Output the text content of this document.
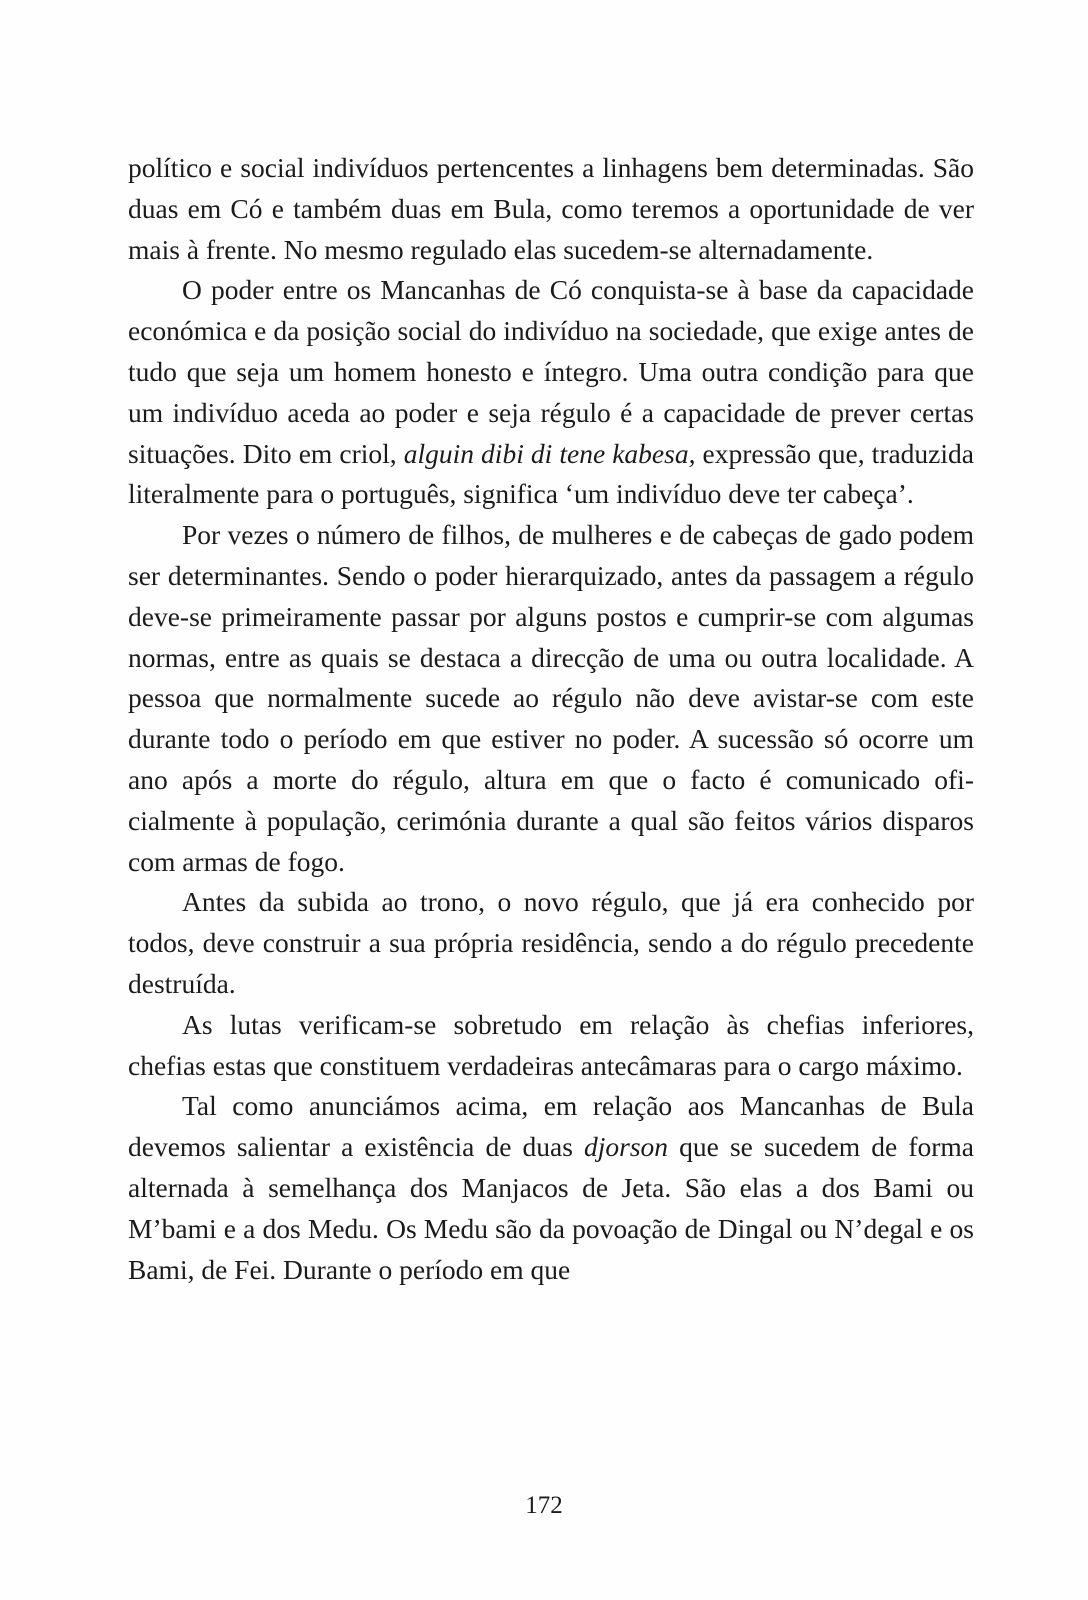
político e social indivíduos pertencentes a linhagens bem determinadas. São duas em Có e também duas em Bula, como teremos a oportunidade de ver mais à frente. No mesmo regulado elas sucedem-se alternadamente.

O poder entre os Mancanhas de Có conquista-se à base da capacidade económica e da posição social do indivíduo na sociedade, que exige antes de tudo que seja um homem honesto e íntegro. Uma outra condição para que um indivíduo aceda ao poder e seja régulo é a capacidade de prever certas situações. Dito em criol, alguin dibi di tene kabesa, expressão que, traduzida literalmente para o português, significa ‘um indivíduo deve ter cabeça’.

Por vezes o número de filhos, de mulheres e de cabeças de gado podem ser determinantes. Sendo o poder hierarquizado, antes da passagem a régulo deve-se primeiramente passar por alguns postos e cumprir-se com algumas normas, entre as quais se destaca a direcção de uma ou outra localidade. A pessoa que normalmente sucede ao régulo não deve avistar-se com este durante todo o período em que estiver no poder. A sucessão só ocorre um ano após a morte do régulo, altura em que o facto é comunicado oficialmente à população, cerimónia durante a qual são feitos vários disparos com armas de fogo.

Antes da subida ao trono, o novo régulo, que já era conhecido por todos, deve construir a sua própria residência, sendo a do régulo precedente destruída.

As lutas verificam-se sobretudo em relação às chefias inferiores, chefias estas que constituem verdadeiras antecâmaras para o cargo máximo.

Tal como anunciámos acima, em relação aos Mancanhas de Bula devemos salientar a existência de duas djorson que se sucedem de forma alternada à semelhança dos Manjacos de Jeta. São elas a dos Bami ou M’bami e a dos Medu. Os Medu são da povoação de Dingal ou N’degal e os Bami, de Fei. Durante o período em que

172
